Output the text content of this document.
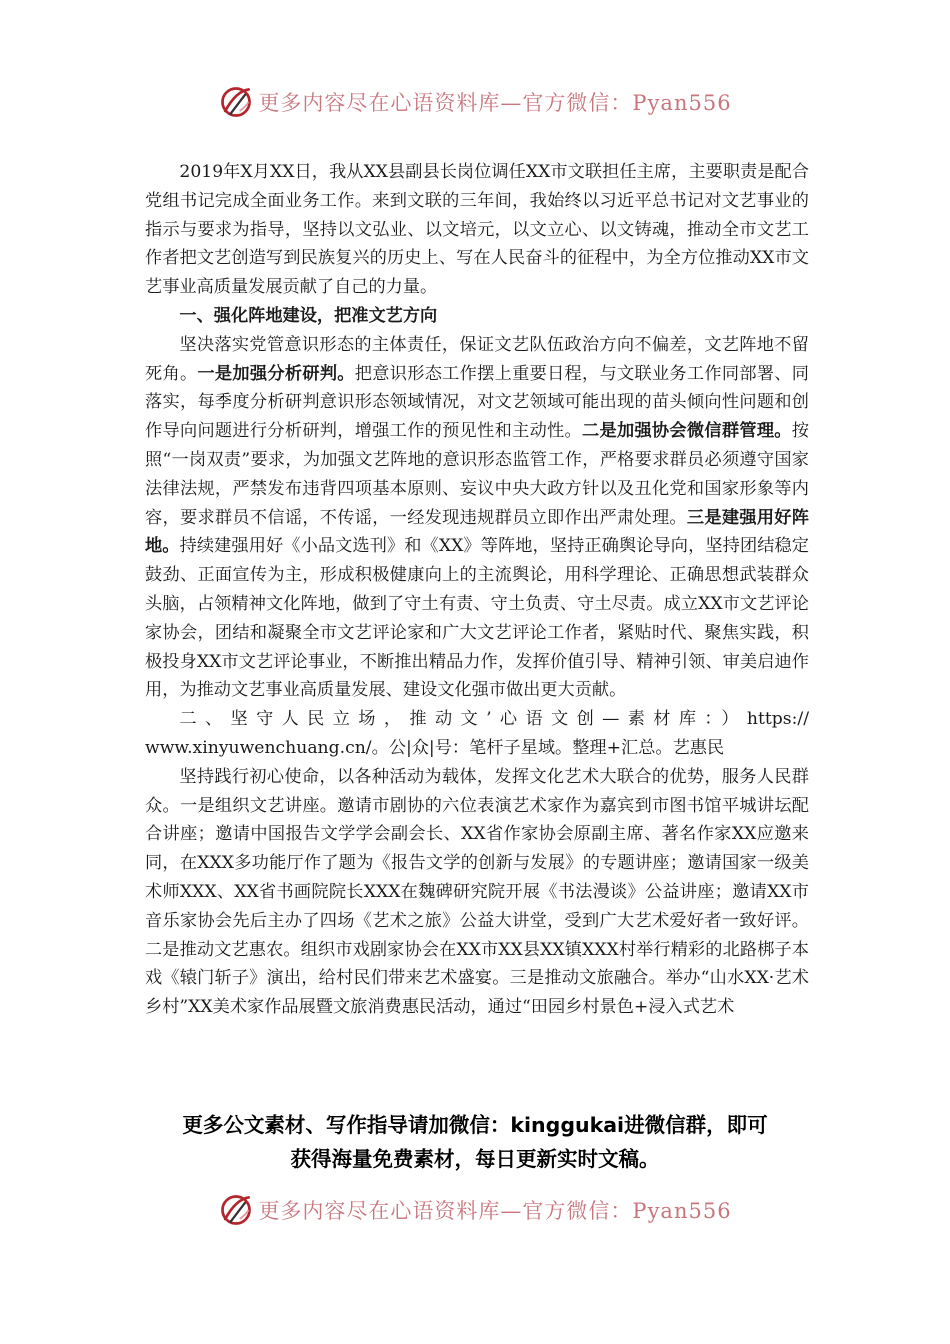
更多内容尽在心语资料库—官方微信：Pyan556

2019年X月XX日，我从XX县副县长岗位调任XX市文联担任主席，主要职责是配合党组书记完成全面业务工作。来到文联的三年间，我始终以习近平总书记对文艺事业的指示与要求为指导，坚持以文弘业、以文培元，以文立心、以文铸魂，推动全市文艺工作者把文艺创造写到民族复兴的历史上、写在人民奋斗的征程中，为全方位推动XX市文艺事业高质量发展贡献了自己的力量。

一、强化阵地建设，把准文艺方向

坚决落实党管意识形态的主体责任，保证文艺队伍政治方向不偏差，文艺阵地不留死角。一是加强分析研判。把意识形态工作摆上重要日程，与文联业务工作同部署、同落实，每季度分析研判意识形态领域情况，对文艺领域可能出现的苗头倾向性问题和创作导向问题进行分析研判，增强工作的预见性和主动性。二是加强协会微信群管理。按照“一岗双责”要求，为加强文艺阵地的意识形态监管工作，严格要求群员必须遵守国家法律法规，严禁发布违背四项基本原则、妄议中央大政方针以及丑化党和国家形象等内容，要求群员不信谣，不传谣，一经发现违规群员立即作出严肃处理。三是建强用好阵地。持续建强用好《小品文选刊》和《XX》等阵地，坚持正确舆论导向，坚持团结稳定鼓劲、正面宣传为主，形成积极健康向上的主流舆论，用科学理论、正确思想武装群众头脑，占领精神文化阵地，做到了守土有责、守土负责、守土尽责。成立XX市文艺评论家协会，团结和凝聚全市文艺评论家和广大文艺评论工作者，紧贴时代、聚焦实践，积极投身XX市文艺评论事业，不断推出精品力作，发挥价值引导、精神引领、审美启迪作用，为推动文艺事业高质量发展、建设文化强市做出更大贡献。

二、坚守人民立场，推动文’心语文创—素材库：）https://

www.xinyuwenchuang.cn/。公|众|号：笔杆子星域。整理+汇总。艺惠民

坚持践行初心使命，以各种活动为载体，发挥文化艺术大联合的优势，服务人民群众。一是组织文艺讲座。邀请市剧协的六位表演艺术家作为嘉宾到市图书馆平城讲坛配合讲座；邀请中国报告文学学会副会长、XX省作家协会原副主席、著名作家XX应邀来同，在XXX多功能厅作了题为《报告文学的创新与发展》的专题讲座；邀请国家一级美术师XXX、XX省书画院院长XXX在魏碑研究院开展《书法漫谈》公益讲座；邀请XX市音乐家协会先后主办了四场《艺术之旅》公益大讲堂，受到广大艺术爱好者一致好评。二是推动文艺惠农。组织市戏剧家协会在XX市XX县XX镇XXX村举行精彩的北路梆子本戏《辕门斩子》演出，给村民们带来艺术盛宴。三是推动文旅融合。举办“山水XX·艺术乡村”XX美术家作品展暨文旅消费惠民活动，通过“田园乡村景色+浸入式艺术

更多公文素材、写作指导请加微信：kinggukai进微信群，即可
获得海量免费素材，每日更新实时文稿。
更多内容尽在心语资料库—官方微信：Pyan556
